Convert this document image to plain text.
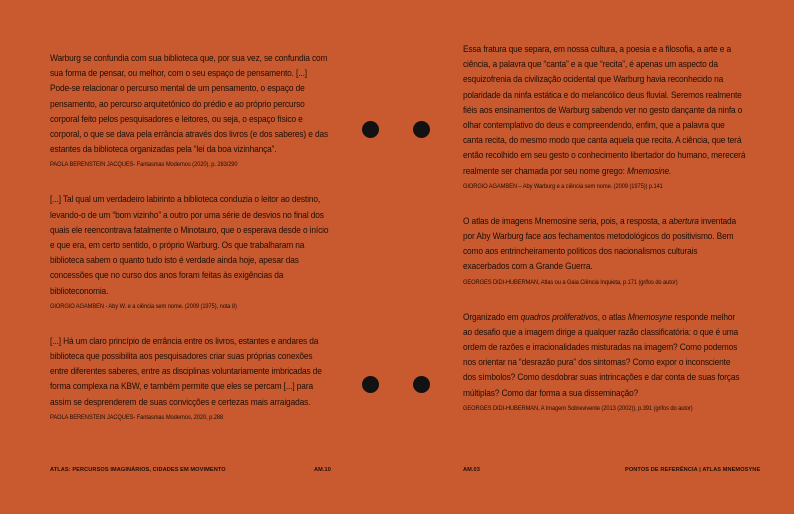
Warburg se confundia com sua biblioteca que, por sua vez, se confundia com sua forma de pensar, ou melhor, com o seu espaço de pensamento. [...] Pode-se relacionar o percurso mental de um pensamento, o espaço de pensamento, ao percurso arquitetônico do prédio e ao próprio percurso corporal feito pelos pesquisadores e leitores, ou seja, o espaço físico e corporal, o que se dava pela errância através dos livros (e dos saberes) e das estantes da biblioteca organizadas pela “lei da boa vizinhança”.

PAOLA BERENSTEIN JACQUES- Fantasmas Modernos (2020), p. 283/290

[...] Tal qual um verdadeiro labirinto a biblioteca conduzia o leitor ao destino, levando-o de um “bom vizinho” a outro por uma série de desvios no final dos quais ele reencontrava fatalmente o Minotauro, que o esperava desde o início e que era, em certo sentido, o próprio Warburg. Os que trabalharam na biblioteca sabem o quanto tudo isto é verdade ainda hoje, apesar das concessões que no curso dos anos foram feitas às exigências da biblioteconomia.

GIORGIO AGAMBEN - Aby W. e a ciência sem nome. (2009 (1975), nota 8)

[...] Há um claro princípio de errância entre os livros, estantes e andares da biblioteca que possibilita aos pesquisadores criar suas próprias conexões entre diferentes saberes, entre as disciplinas voluntariamente imbricadas de forma complexa na KBW, e também permite que eles se percam [...] para assim se desprenderem de suas convicções e certezas mais arraigadas.

PAOLA BERENSTEIN JACQUES- Fantasmas Modernos, 2020, p.288

ATLAS: PERCURSOS IMAGINÁRIOS, CIDADES EM MOVIMENTO	AM.10

Essa fratura que separa, em nossa cultura, a poesia e a filosofia, a arte e a ciência, a palavra que “canta” e a que “recita”, é apenas um aspecto da esquizofrenia da civilização ocidental que Warburg havia reconhecido na polaridade da ninfa estática e do melancólico deus fluvial. Seremos realmente fiéis aos ensinamentos de Warburg sabendo ver no gesto dançante da ninfa o olhar contemplativo do deus e compreendendo, enfim, que a palavra que canta recita, do mesmo modo que canta aquela que recita. A ciência, que terá então recolhido em seu gesto o conhecimento libertador do humano, merecerá realmente ser chamada por seu nome grego: Mnemosine.

GIORGIO AGAMBEN – Aby Warburg e a ciência sem nome. (2009 (1975)) p.141

O atlas de imagens Mnemosine seria, pois, a resposta, a abertura inventada por Aby Warburg face aos fechamentos metodológicos do positivismo. Bem como aos entrincheiramento políticos dos nacionalismos culturais exacerbados com a Grande Guerra.

GEORGES DIDI-HUBERMAN, Atlas ou a Gaia Ciência Inquieta, p.171 (grifos do autor)

Organizado em quadros proliferativos, o atlas Mnemosyne responde melhor ao desafio que a imagem dirige a qualquer razão classificatória: o que é uma ordem de razões e irracionalidades misturadas na imagem? Como podemos nos orientar na “desrazão pura” dos sintomas? Como expor o inconsciente dos símbolos? Como desdobrar suas intrincações e dar conta de suas forças múltiplas? Como dar forma a sua disseminação?

GEORGES DIDI-HUBERMAN, A Imagem Sobrevivente (2013 (2002)), p.391 (grifos do autor)

AM.03	PONTOS DE REFERÊNCIA | ATLAS MNEMOSYNE
